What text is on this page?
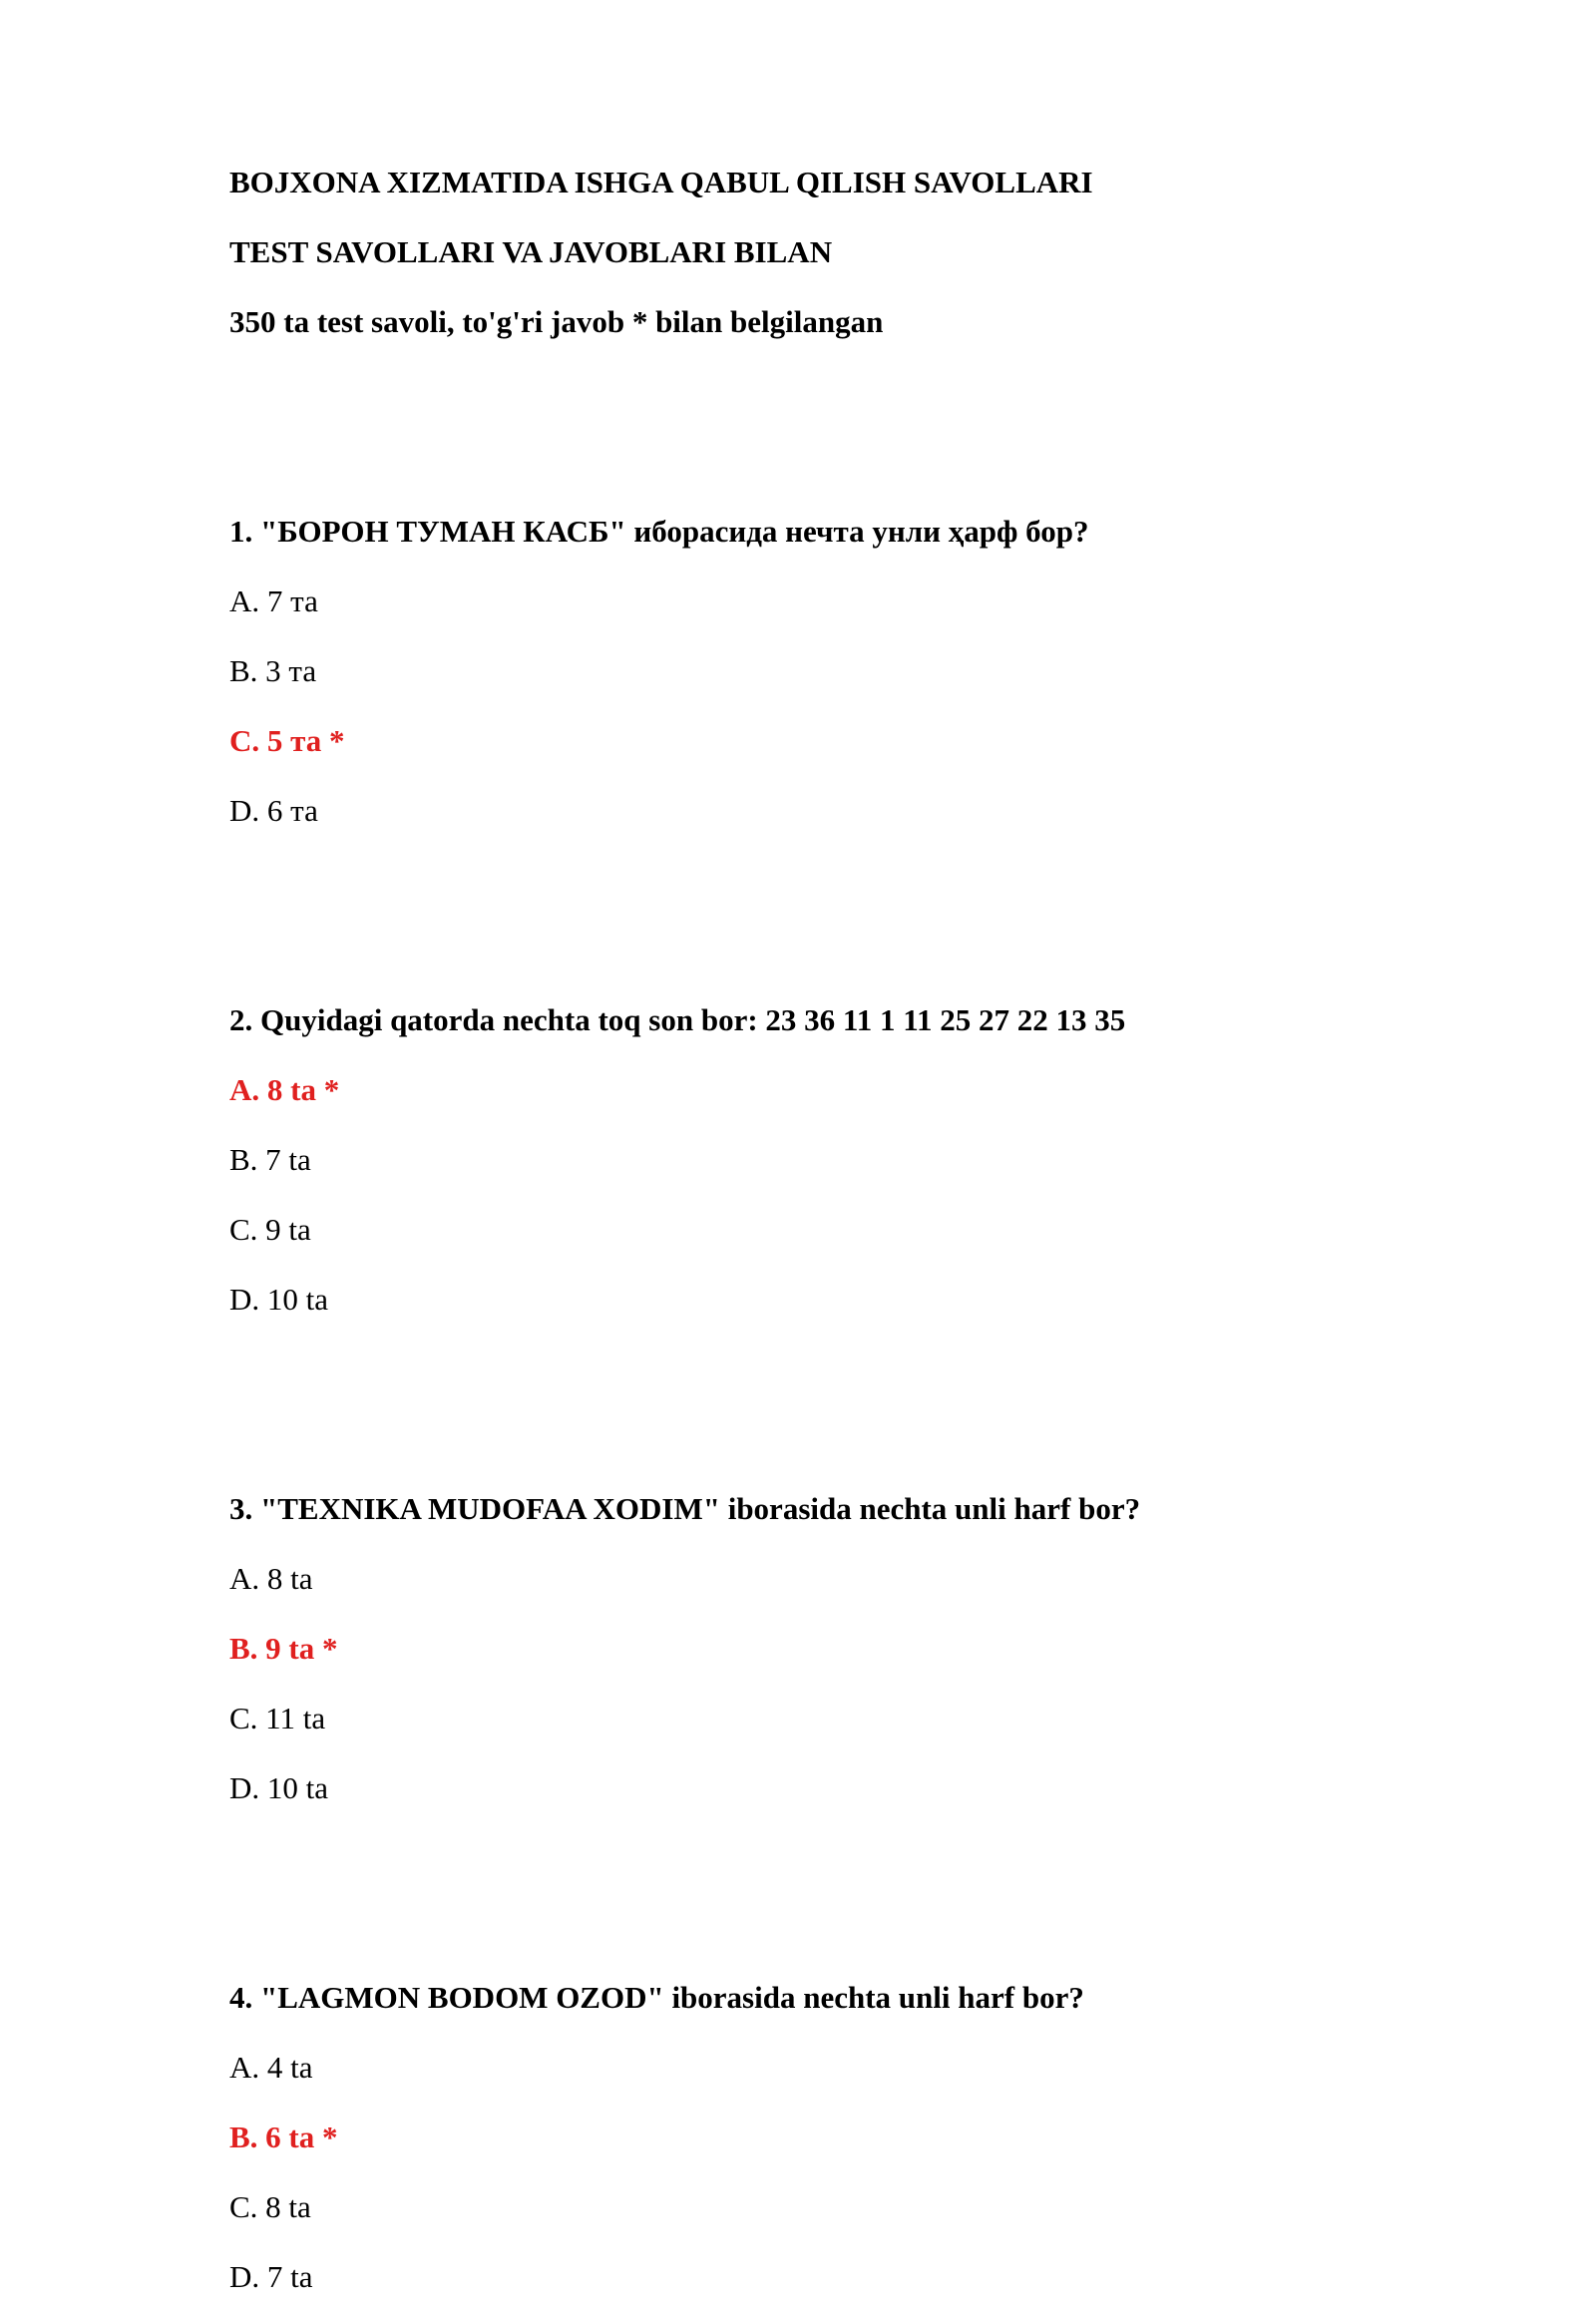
BOJXONA XIZMATIDA ISHGA QABUL QILISH SAVOLLARI
TEST SAVOLLARI VA JAVOBLARI BILAN
350 ta test savoli, to'g'ri javob * bilan belgilangan
1. "БОРОН ТУМАН КАСБ" иборасида нечта унли ҳарф бор?
A. 7 та
B. 3 та
C. 5 та *
D. 6 та
2. Quyidagi qatorda nechta toq son bor: 23 36 11 1 11 25 27 22 13 35
A. 8 ta *
B. 7 ta
C. 9 ta
D. 10 ta
3. "TEXNIKA MUDOFAA XODIM" iborasida nechta unli harf bor?
A. 8 ta
B. 9 ta *
C. 11 ta
D. 10 ta
4. "LAGMON BODOM OZOD" iborasida nechta unli harf bor?
A. 4 ta
B. 6 ta *
C. 8 ta
D. 7 ta
